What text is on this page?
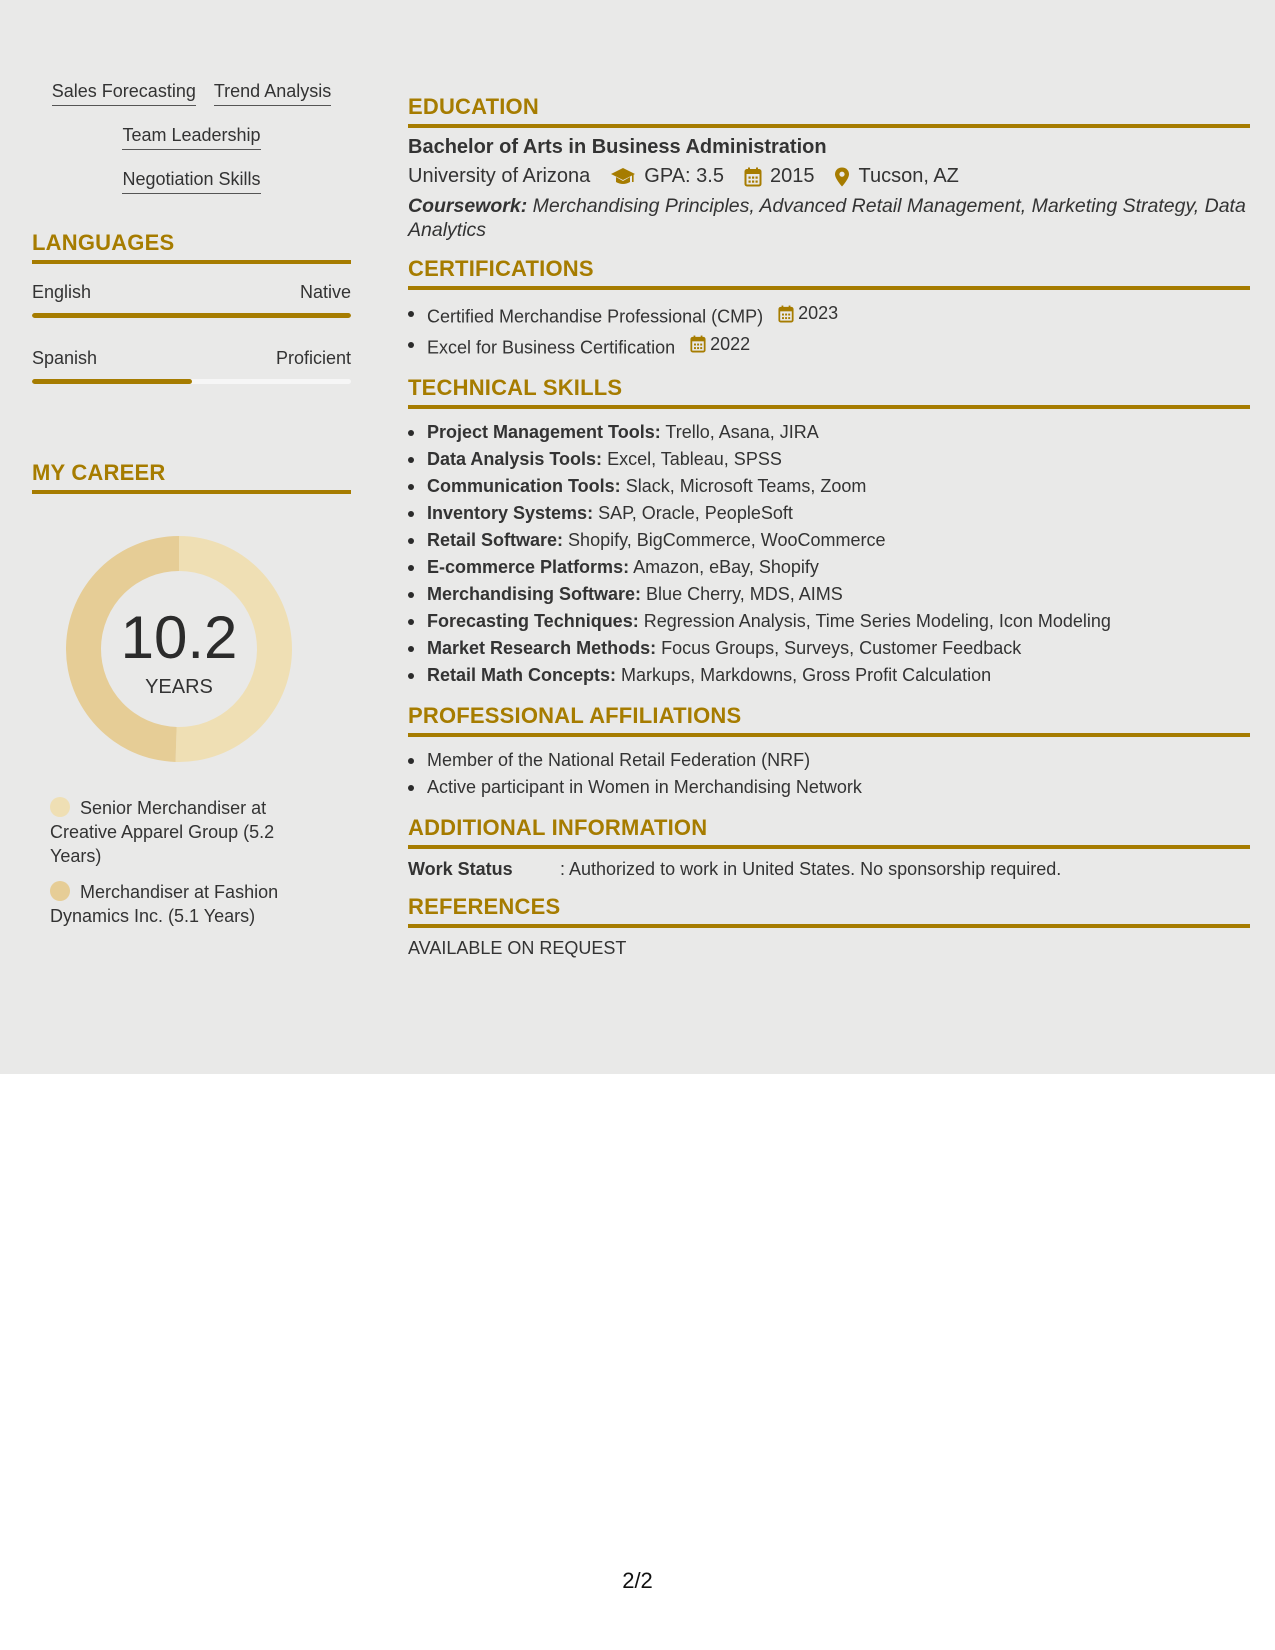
Sales Forecasting Trend Analysis
Team Leadership
Negotiation Skills
LANGUAGES
English	Native
Spanish	Proficient
MY CAREER
10.2
YEARS
Senior Merchandiser at Creative Apparel Group (5.2 Years)
Merchandiser at Fashion Dynamics Inc. (5.1 Years)
EDUCATION
Bachelor of Arts in Business Administration
University of Arizona	GPA: 3.5 2015 Tucson, AZ
Coursework: Merchandising Principles, Advanced Retail Management, Marketing Strategy, Data Analytics
CERTIFICATIONS
Certified Merchandise Professional (CMP) 2023
Excel for Business Certification 2022
TECHNICAL SKILLS
Project Management Tools: Trello, Asana, JIRA
Data Analysis Tools: Excel, Tableau, SPSS
Communication Tools: Slack, Microsoft Teams, Zoom
Inventory Systems: SAP, Oracle, PeopleSoft
Retail Software: Shopify, BigCommerce, WooCommerce
E-commerce Platforms: Amazon, eBay, Shopify
Merchandising Software: Blue Cherry, MDS, AIMS
Forecasting Techniques: Regression Analysis, Time Series Modeling, Icon Modeling
Market Research Methods: Focus Groups, Surveys, Customer Feedback
Retail Math Concepts: Markups, Markdowns, Gross Profit Calculation
PROFESSIONAL AFFILIATIONS
Member of the National Retail Federation (NRF)
Active participant in Women in Merchandising Network
ADDITIONAL INFORMATION
Work Status	: Authorized to work in United States. No sponsorship required.
REFERENCES
AVAILABLE ON REQUEST
2/2
